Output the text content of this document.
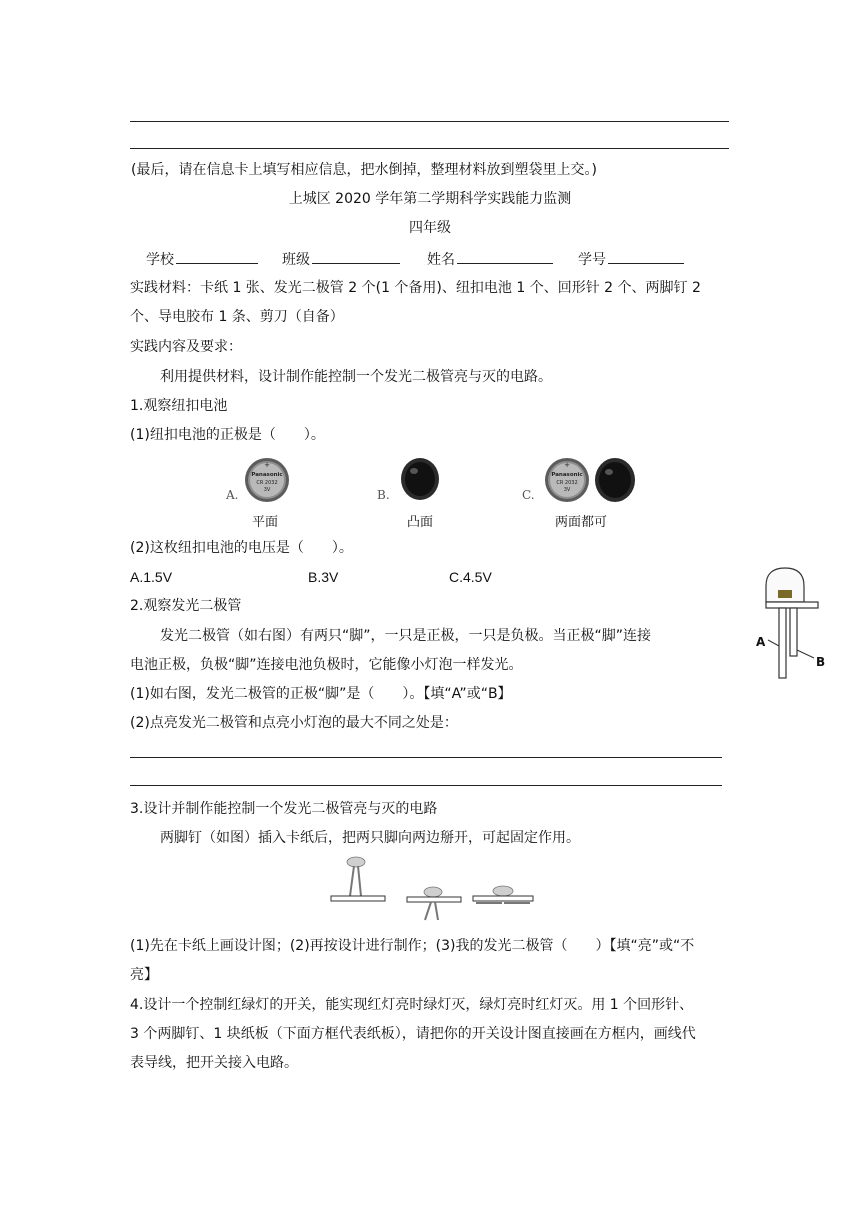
(最后，请在信息卡上填写相应信息，把水倒掉，整理材料放到塑袋里上交。)
上城区 2020 学年第二学期科学实践能力监测
四年级
学校	班级	姓名	学号
实践材料：卡纸 1 张、发光二极管 2 个(1 个备用)、纽扣电池 1 个、回形针 2 个、两脚钉 2
个、导电胶布 1 条、剪刀（自备）
实践内容及要求：
利用提供材料，设计制作能控制一个发光二极管亮与灭的电路。
1.观察纽扣电池
(1)纽扣电池的正极是（　　）。
A.
+
Panasonic
CR 2032
3V
平面
B.
凸面
C.
+
Panasonic
CR 2032
3V
两面都可
(2)这枚纽扣电池的电压是（　　）。
A.1.5V	B.3V	C.4.5V
2.观察发光二极管
发光二极管（如右图）有两只“脚”，一只是正极，一只是负极。当正极“脚”连接
电池正极，负极“脚”连接电池负极时，它能像小灯泡一样发光。
(1)如右图，发光二极管的正极“脚”是（　　）。【填“A”或“B】
(2)点亮发光二极管和点亮小灯泡的最大不同之处是：
A
B
3.设计并制作能控制一个发光二极管亮与灭的电路
两脚钉（如图）插入卡纸后，把两只脚向两边掰开，可起固定作用。
(1)先在卡纸上画设计图；(2)再按设计进行制作；(3)我的发光二极管（　　）【填“亮”或“不
亮】
4.设计一个控制红绿灯的开关，能实现红灯亮时绿灯灭，绿灯亮时红灯灭。用 1 个回形针、
3 个两脚钉、1 块纸板（下面方框代表纸板），请把你的开关设计图直接画在方框内，画线代
表导线，把开关接入电路。
